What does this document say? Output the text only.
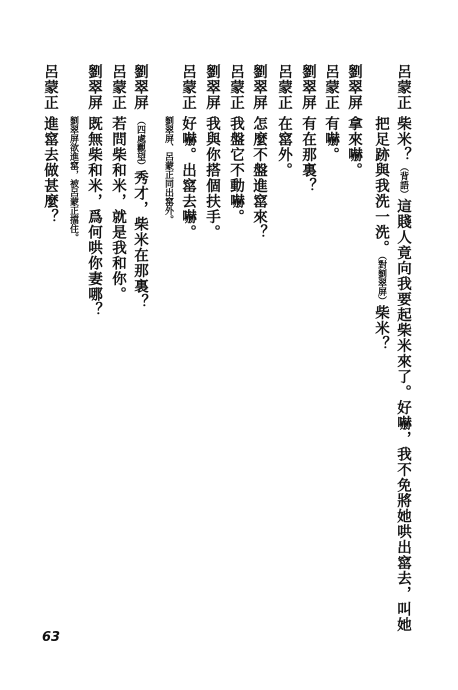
呂蒙正柴米？（背語）這賤人竟向我要起柴米來了。好嚇，我不免將她哄出窰去，叫她
把足跡與我洗一洗。（對劉翠屏）柴米？
劉翠屏拿來嚇。
呂蒙正有嚇。
劉翠屏有在那裏？
呂蒙正在窰外。
劉翠屏怎麼不盤進窰來？
呂蒙正我盤它不動嚇。
劉翠屏我與你搭個扶手。
呂蒙正好嚇。出窰去嚇。
劉翠屏、呂蒙正同出窰外。
劉翠屏（四處觀望）秀才，柴米在那裏？
呂蒙正若問柴和米，就是我和你。
劉翠屏既無柴和米，爲何哄你妻哪？
劉翠屏欲進窰，被呂蒙正擋住。
呂蒙正進窰去做甚麼？
63
